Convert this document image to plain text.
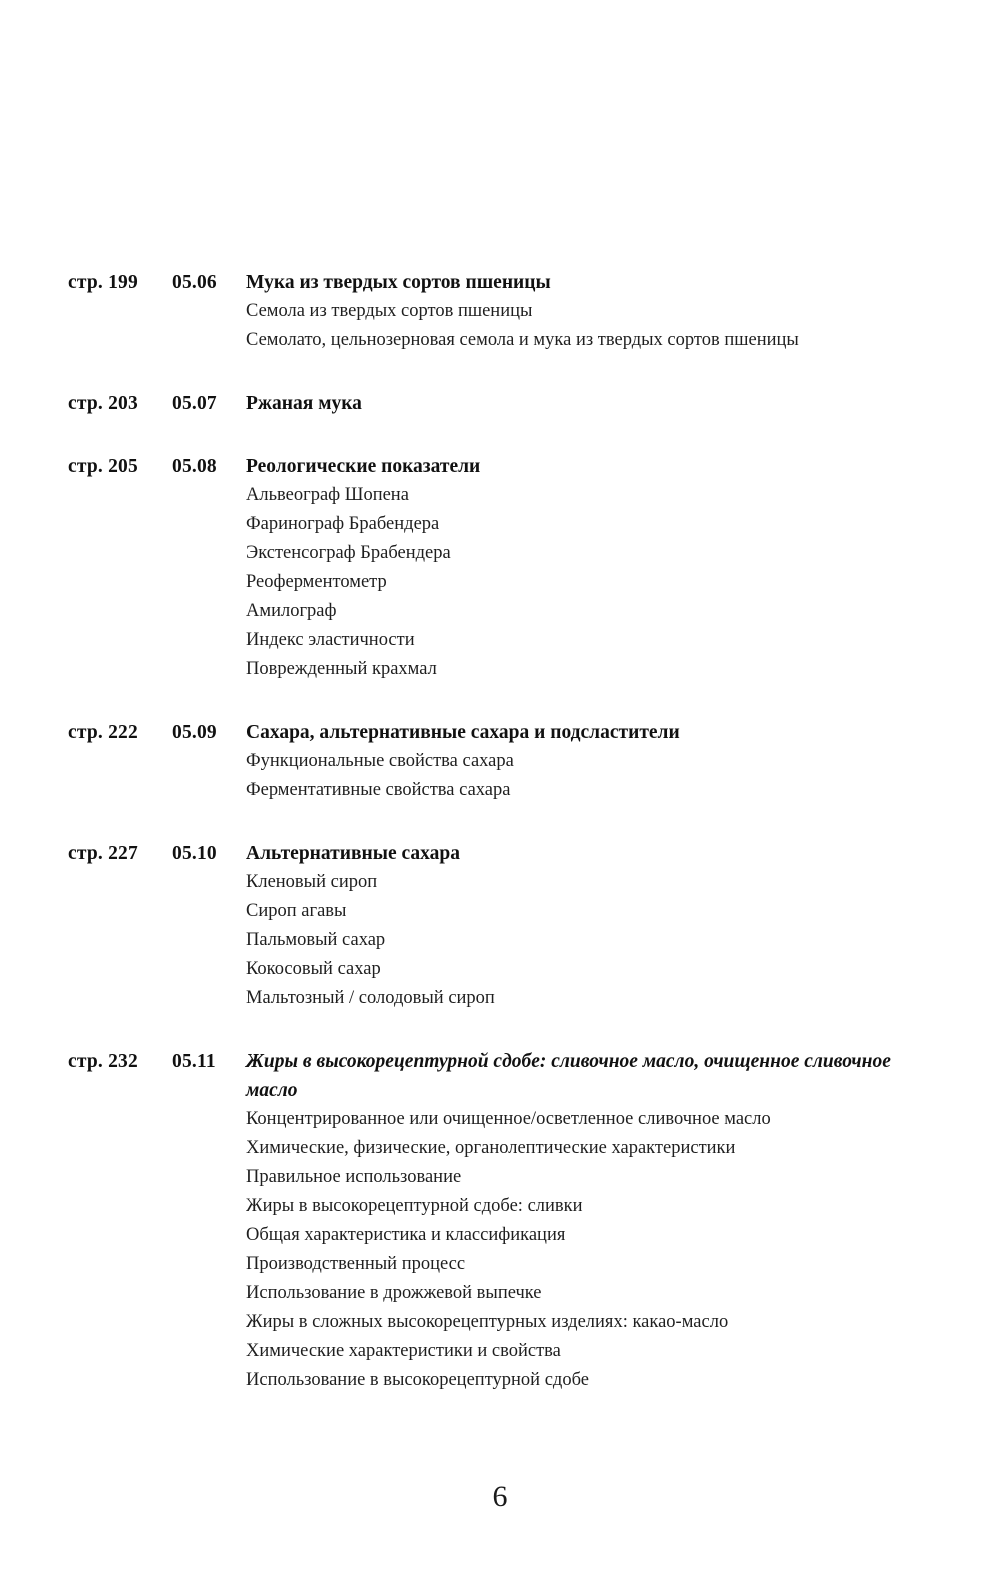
стр. 199	05.06	Мука из твердых сортов пшеницы
Семола из твердых сортов пшеницы
Семолато, цельнозерновая семола и мука из твердых сортов пшеницы
стр. 203	05.07	Ржаная мука
стр. 205	05.08	Реологические показатели
Альвеограф Шопена
Фаринограф Брабендера
Экстенсограф Брабендера
Реоферментометр
Амилограф
Индекс эластичности
Поврежденный крахмал
стр. 222	05.09	Сахара, альтернативные сахара и подсластители
Функциональные свойства сахара
Ферментативные свойства сахара
стр. 227	05.10	Альтернативные сахара
Кленовый сироп
Сироп агавы
Пальмовый сахар
Кокосовый сахар
Мальтозный / солодовый сироп
стр. 232	05.11	Жиры в высокорецептурной сдобе: сливочное масло, очищенное сливочное масло
Концентрированное или очищенное/осветленное сливочное масло
Химические, физические, органолептические характеристики
Правильное использование
Жиры в высокорецептурной сдобе: сливки
Общая характеристика и классификация
Производственный процесс
Использование в дрожжевой выпечке
Жиры в сложных высокорецептурных изделиях: какао-масло
Химические характеристики и свойства
Использование в высокорецептурной сдобе
6
